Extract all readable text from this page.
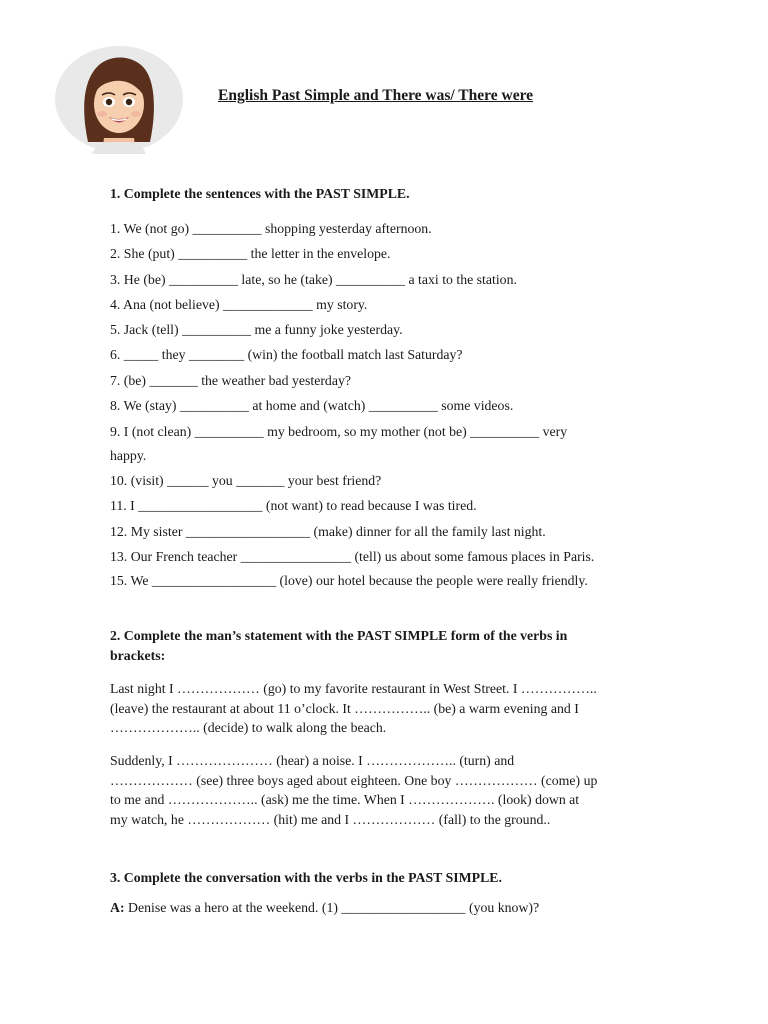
English Past Simple and There was/ There were
1. Complete the sentences with the PAST SIMPLE.
1. We (not go) __________ shopping yesterday afternoon.
2. She (put) __________ the letter in the envelope.
3. He (be) __________ late, so he (take) __________ a taxi to the station.
4. Ana (not believe) _____________ my story.
5. Jack (tell) __________ me a funny joke yesterday.
6. _____ they ________ (win) the football match last Saturday?
7. (be) _______ the weather bad yesterday?
8. We (stay) __________ at home and (watch) __________ some videos.
9. I (not clean) __________ my bedroom, so my mother (not be) __________ very
happy.
10. (visit) ______ you _______ your best friend?
11. I __________________ (not want) to read because I was tired.
12. My sister __________________ (make) dinner for all the family last night.
13. Our French teacher ________________ (tell) us about some famous places in Paris.
15. We __________________ (love) our hotel because the people were really friendly.
2. Complete the man’s statement with the PAST SIMPLE form of the verbs in
brackets:
Last night I ……………… (go) to my favorite restaurant in West Street. I ……………..
(leave) the restaurant at about 11 o’clock. It …………….. (be) a warm evening and I
……………….. (decide) to walk along the beach.
Suddenly, I ………………… (hear) a noise. I ……………….. (turn) and
……………… (see) three boys aged about eighteen. One boy ……………… (come) up
to me and ……………….. (ask) me the time. When I ………………. (look) down at
my watch, he ……………… (hit) me and I ……………… (fall) to the ground..
3. Complete the conversation with the verbs in the PAST SIMPLE.
A: Denise was a hero at the weekend. (1) __________________ (you know)?
